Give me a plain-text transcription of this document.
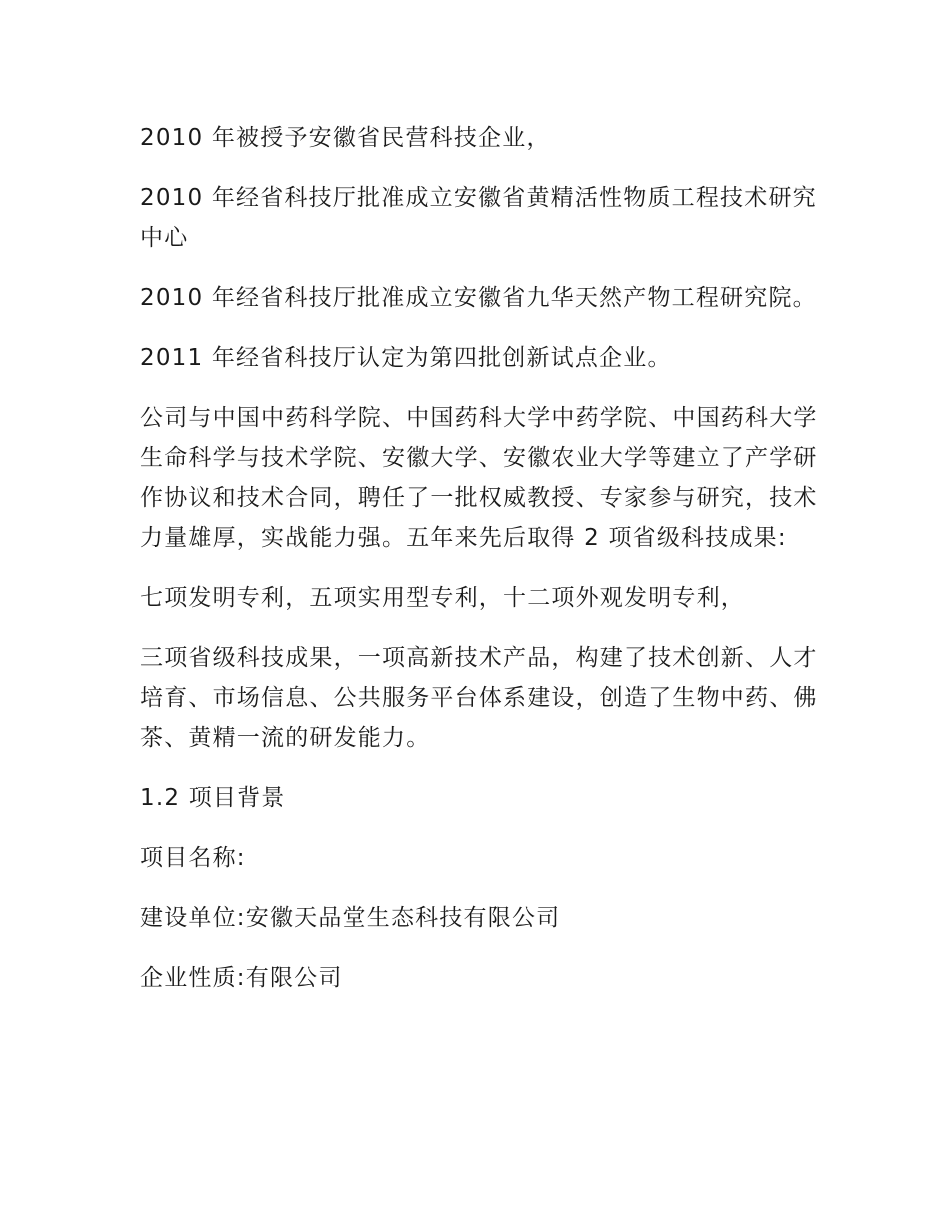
2010 年被授予安徽省民营科技企业，

2010 年经省科技厅批准成立安徽省黄精活性物质工程技术研究中心

2010 年经省科技厅批准成立安徽省九华天然产物工程研究院。

2011 年经省科技厅认定为第四批创新试点企业。

公司与中国中药科学院、中国药科大学中药学院、中国药科大学生命科学与技术学院、安徽大学、安徽农业大学等建立了产学研作协议和技术合同，聘任了一批权威教授、专家参与研究，技术力量雄厚，实战能力强。五年来先后取得 2 项省级科技成果:

七项发明专利，五项实用型专利，十二项外观发明专利，

三项省级科技成果，一项高新技术产品，构建了技术创新、人才培育、市场信息、公共服务平台体系建设，创造了生物中药、佛茶、黄精一流的研发能力。

1.2 项目背景

项目名称:

建设单位:安徽天品堂生态科技有限公司

企业性质:有限公司
